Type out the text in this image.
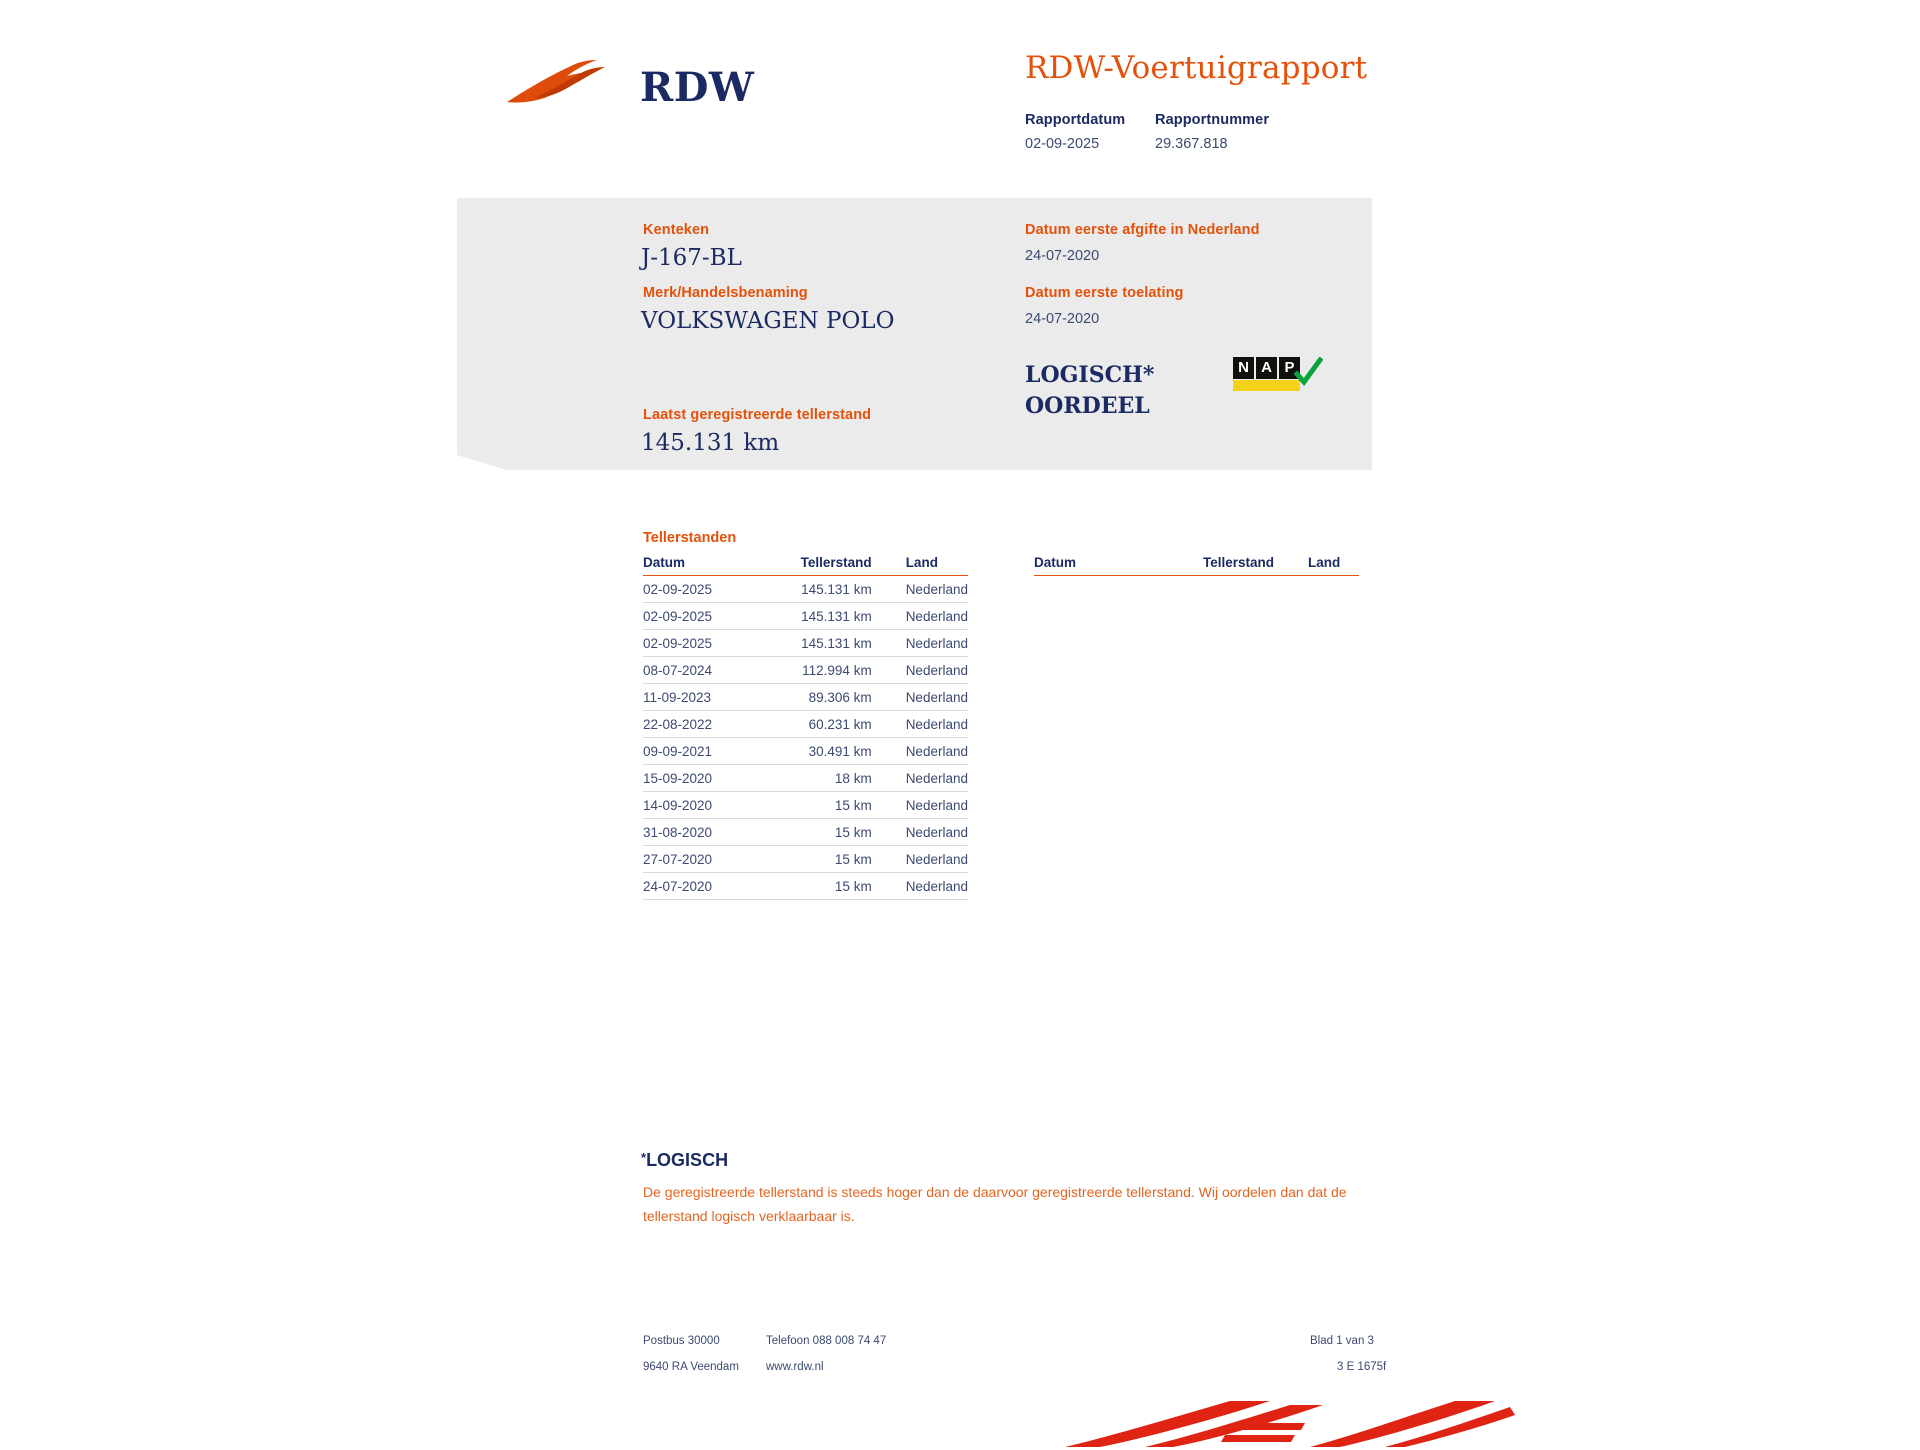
RDW	RDW-Voertuigrapport
Rapportdatum
02-09-2025
Rapportnummer
29.367.818
Kenteken
J-167-BL
Merk/Handelsbenaming
VOLKSWAGEN POLO
Laatst geregistreerde tellerstand
145.131 km
Datum eerste afgifte in Nederland
24-07-2020
Datum eerste toelating
24-07-2020
LOGISCH*
OORDEEL
N A P
Tellerstanden
Datum	Tellerstand	Land
02-09-2025	145.131 km	Nederland
02-09-2025	145.131 km	Nederland
02-09-2025	145.131 km	Nederland
08-07-2024	112.994 km	Nederland
11-09-2023	89.306 km	Nederland
22-08-2022	60.231 km	Nederland
09-09-2021	30.491 km	Nederland
15-09-2020	18 km	Nederland
14-09-2020	15 km	Nederland
31-08-2020	15 km	Nederland
27-07-2020	15 km	Nederland
24-07-2020	15 km	Nederland
Datum	Tellerstand	Land
*LOGISCH
De geregistreerde tellerstand is steeds hoger dan de daarvoor geregistreerde tellerstand. Wij oordelen dan dat de tellerstand logisch verklaarbaar is.
Postbus 30000
9640 RA Veendam
Telefoon 088 008 74 47
www.rdw.nl
Blad 1 van 3
3 E 1675f
